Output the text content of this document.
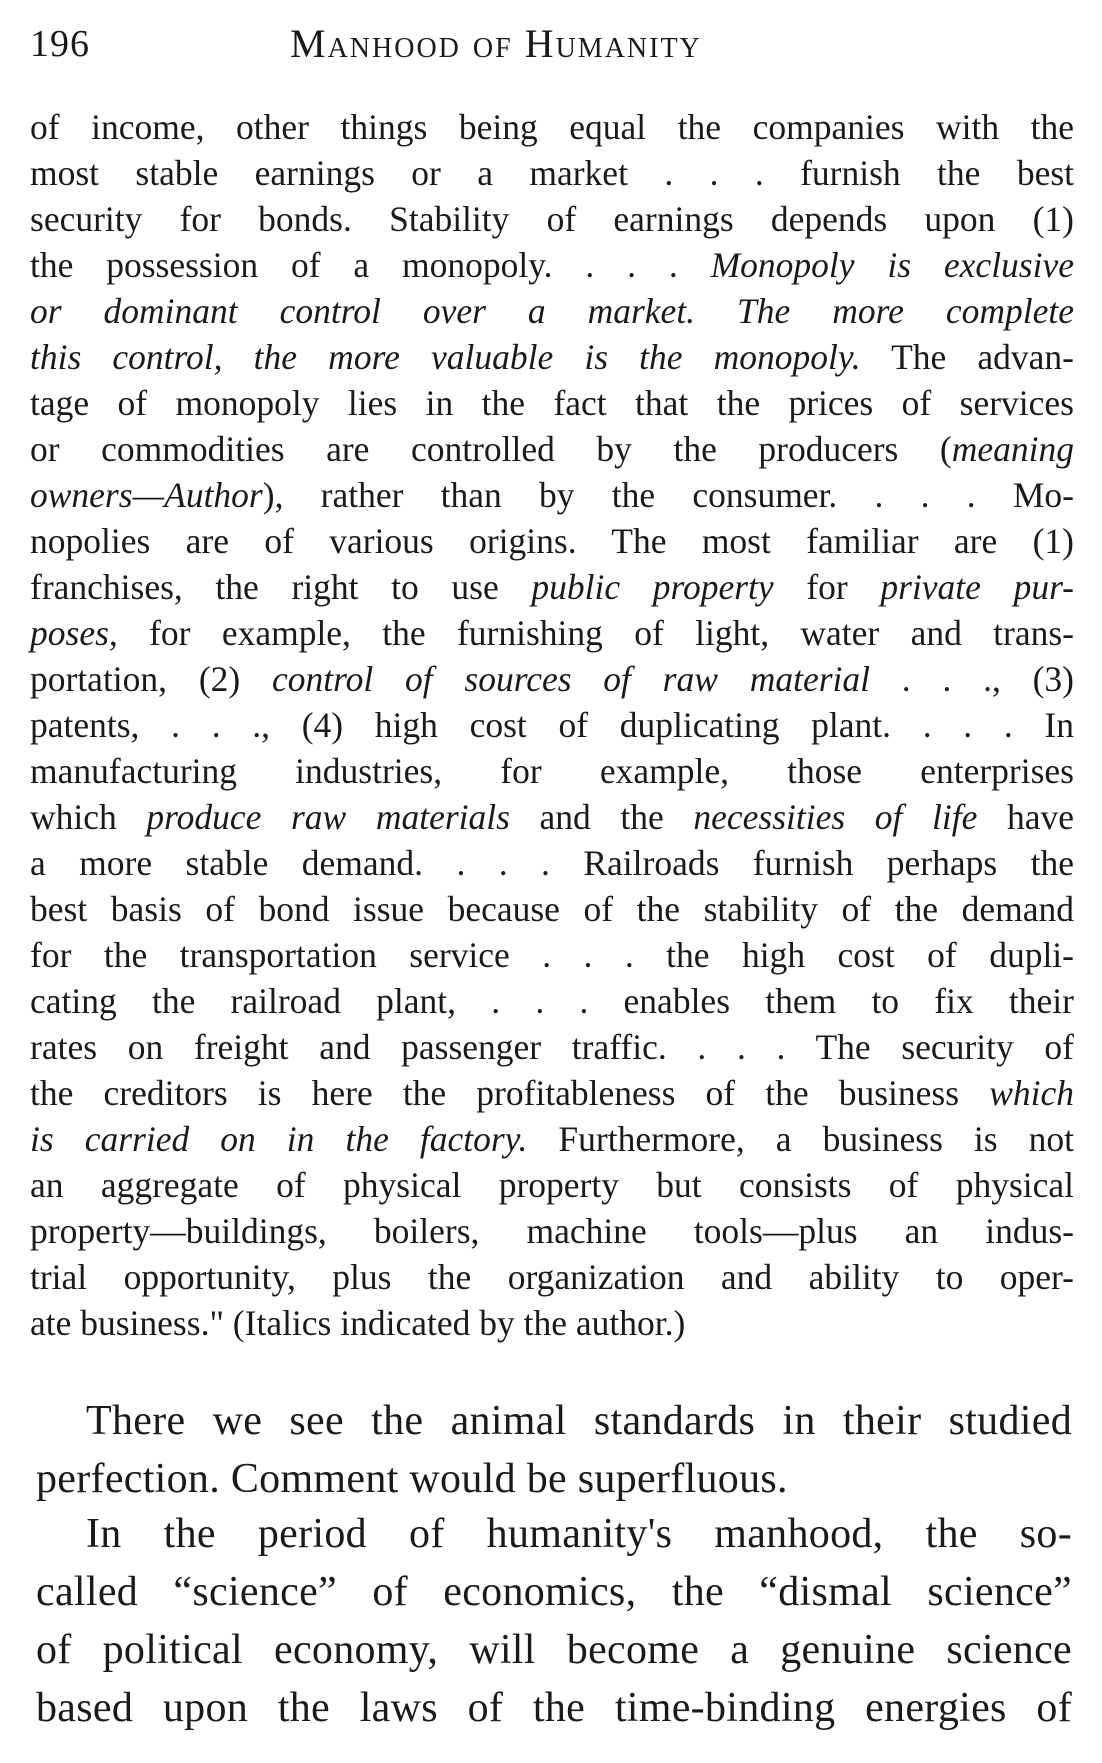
196	Manhood of Humanity
of income, other things being equal the companies with the
most stable earnings or a market . . . furnish the best
security for bonds. Stability of earnings depends upon (1)
the possession of a monopoly. . . . Monopoly is exclusive
or dominant control over a market. The more complete
this control, the more valuable is the monopoly. The advan-
tage of monopoly lies in the fact that the prices of services
or commodities are controlled by the producers (meaning
owners—Author), rather than by the consumer. . . . Mo-
nopolies are of various origins. The most familiar are (1)
franchises, the right to use public property for private pur-
poses, for example, the furnishing of light, water and trans-
portation, (2) control of sources of raw material . . ., (3)
patents, . . ., (4) high cost of duplicating plant. . . . In
manufacturing industries, for example, those enterprises
which produce raw materials and the necessities of life have
a more stable demand. . . . Railroads furnish perhaps the
best basis of bond issue because of the stability of the demand
for the transportation service . . . the high cost of dupli-
cating the railroad plant, . . . enables them to fix their
rates on freight and passenger traffic. . . . The security of
the creditors is here the profitableness of the business which
is carried on in the factory. Furthermore, a business is not
an aggregate of physical property but consists of physical
property—buildings, boilers, machine tools—plus an indus-
trial opportunity, plus the organization and ability to oper-
ate business." (Italics indicated by the author.)
There we see the animal standards in their studied
perfection. Comment would be superfluous.
In the period of humanity's manhood, the so-
called “science” of economics, the “dismal science”
of political economy, will become a genuine science
based upon the laws of the time-binding energies of
